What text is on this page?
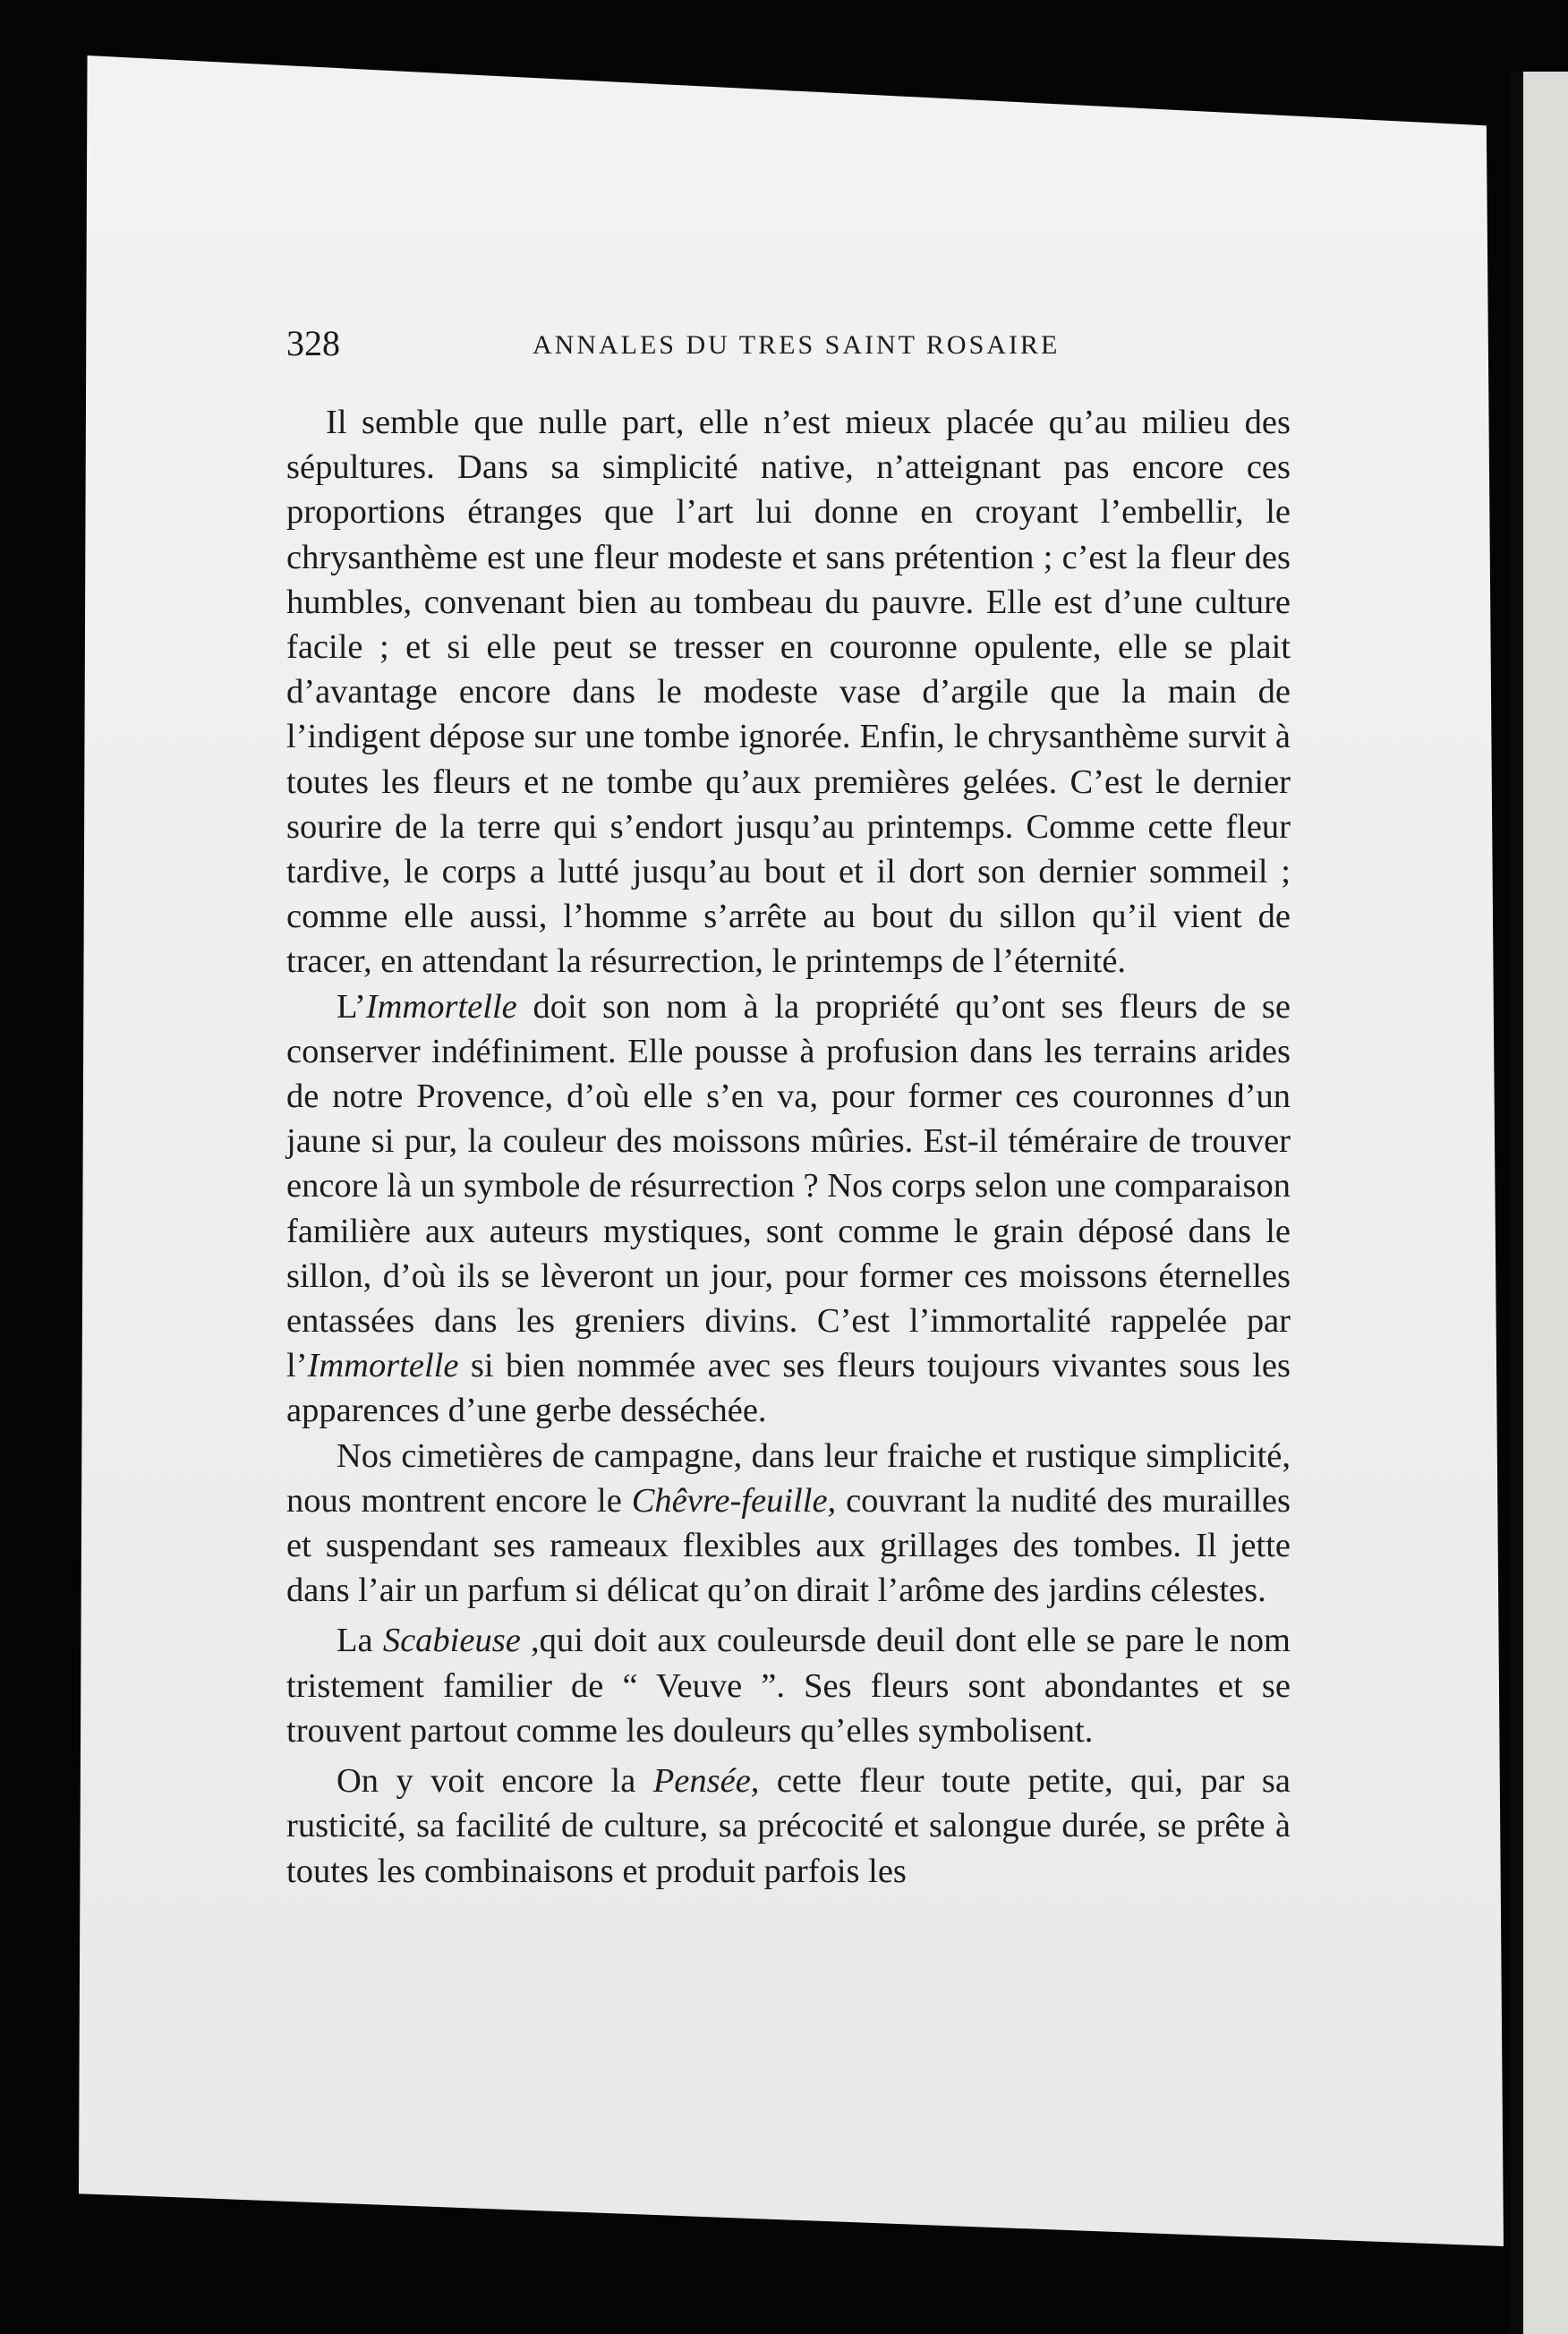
328	ANNALES DU TRES SAINT ROSAIRE

Il semble que nulle part, elle n’est mieux placée qu’au milieu des sépultures. Dans sa simplicité native, n’atteignant pas encore ces proportions étranges que l’art lui donne en croyant l’embellir, le chrysanthème est une fleur modeste et sans prétention ; c’est la fleur des humbles, convenant bien au tombeau du pauvre. Elle est d’une culture facile ; et si elle peut se tresser en couronne opulente, elle se plait d’avantage encore dans le modeste vase d’argile que la main de l’indigent dépose sur une tombe ignorée. Enfin, le chrysanthème survit à toutes les fleurs et ne tombe qu’aux premières gelées. C’est le dernier sourire de la terre qui s’endort jusqu’au printemps. Comme cette fleur tardive, le corps a lutté jusqu’au bout et il dort son dernier sommeil ; comme elle aussi, l’homme s’arrête au bout du sillon qu’il vient de tracer, en attendant la résurrection, le printemps de l’éternité.

L’Immortelle doit son nom à la propriété qu’ont ses fleurs de se conserver indéfiniment. Elle pousse à profusion dans les terrains arides de notre Provence, d’où elle s’en va, pour former ces couronnes d’un jaune si pur, la couleur des moissons mûries. Est-il téméraire de trouver encore là un symbole de résurrection ? Nos corps selon une comparaison familière aux auteurs mystiques, sont comme le grain déposé dans le sillon, d’où ils se lèveront un jour, pour former ces moissons éternelles entassées dans les greniers divins. C’est l’immortalité rappelée par l’Immortelle si bien nommée avec ses fleurs toujours vivantes sous les apparences d’une gerbe desséchée.

Nos cimetières de campagne, dans leur fraiche et rustique simplicité, nous montrent encore le Chêvre-feuille, couvrant la nudité des murailles et suspendant ses rameaux flexibles aux grillages des tombes. Il jette dans l’air un parfum si délicat qu’on dirait l’arôme des jardins célestes.

La Scabieuse ,qui doit aux couleursde deuil dont elle se pare le nom tristement familier de “ Veuve ”. Ses fleurs sont abondantes et se trouvent partout comme les douleurs qu’elles symbolisent.

On y voit encore la Pensée, cette fleur toute petite, qui, par sa rusticité, sa facilité de culture, sa précocité et salongue durée, se prête à toutes les combinaisons et produit parfois les
